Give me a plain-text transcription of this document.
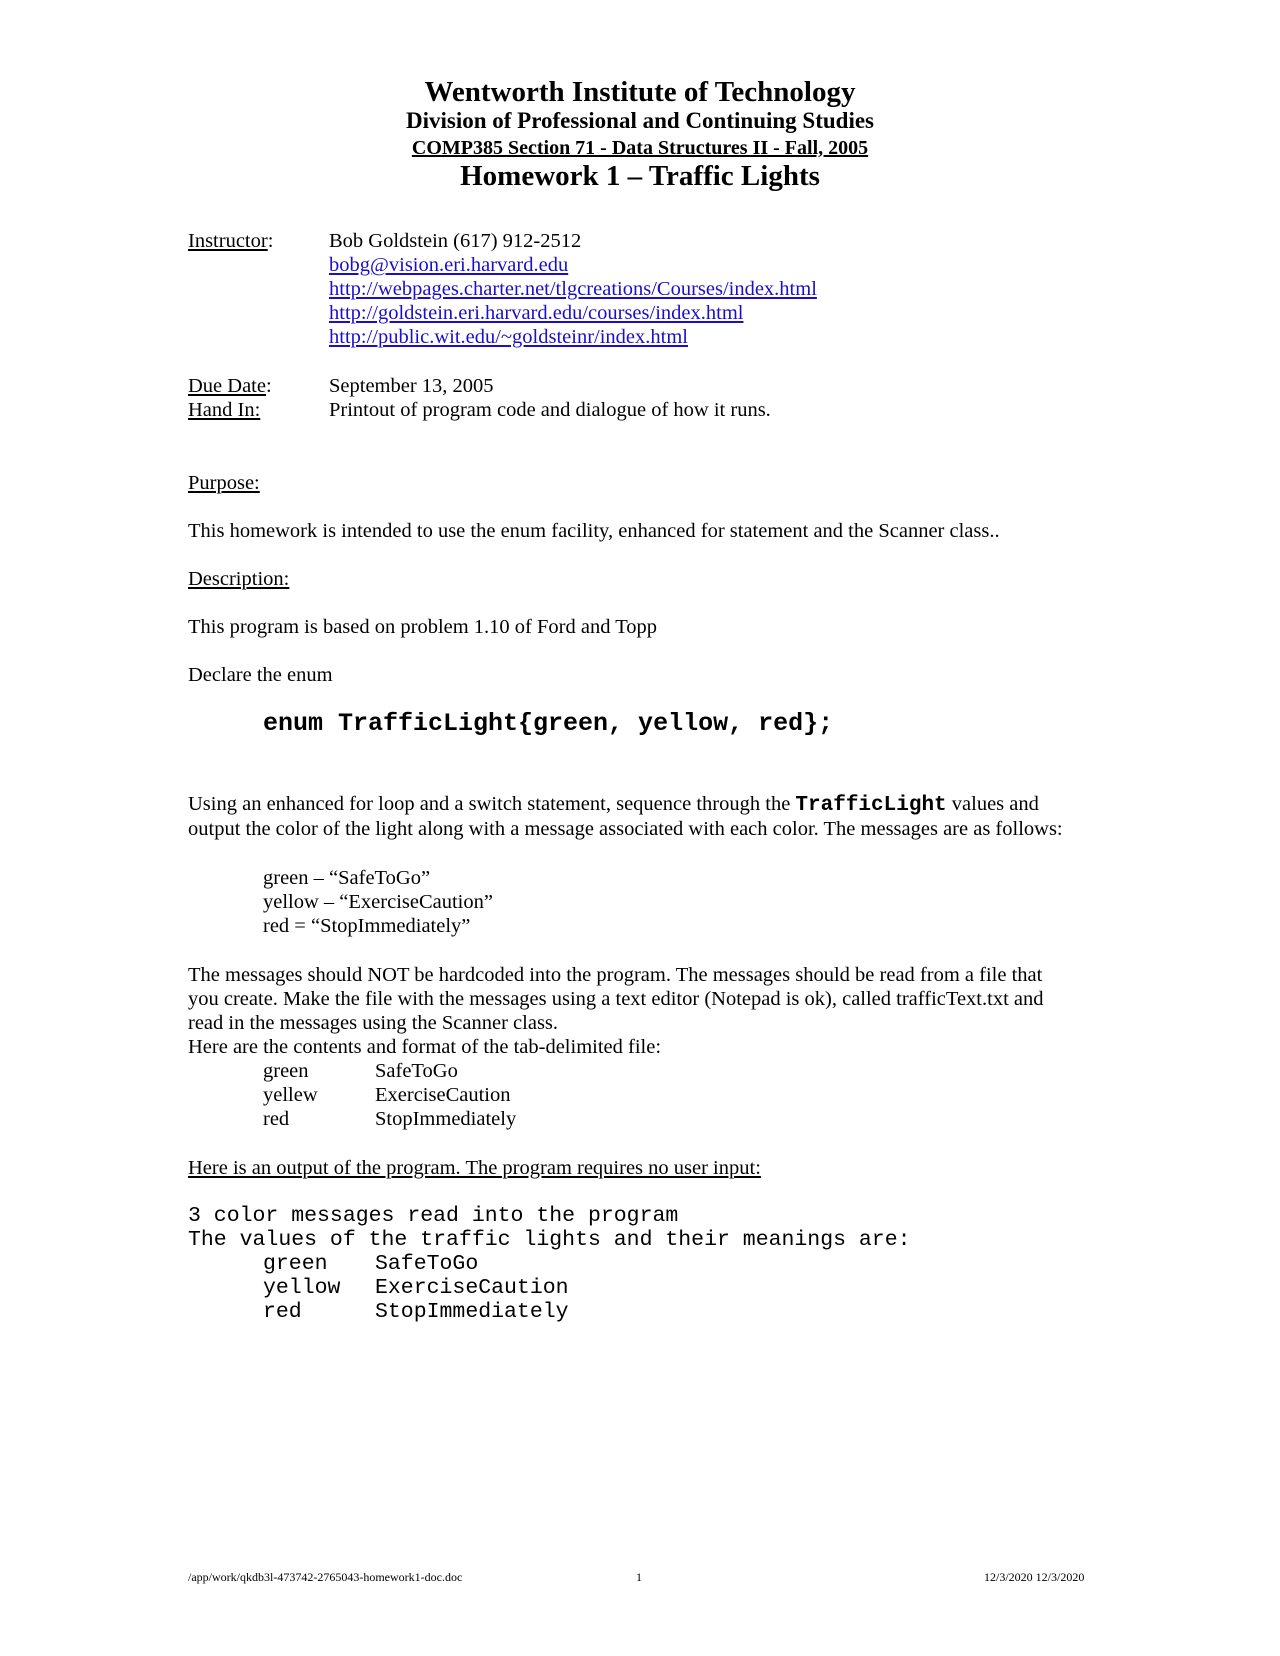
Wentworth Institute of Technology
Division of Professional and Continuing Studies
COMP385 Section 71 - Data Structures II - Fall, 2005
Homework 1 – Traffic Lights
Instructor:	Bob Goldstein (617) 912-2512
bobg@vision.eri.harvard.edu
http://webpages.charter.net/tlgcreations/Courses/index.html
http://goldstein.eri.harvard.edu/courses/index.html
http://public.wit.edu/~goldsteinr/index.html
Due Date:	September 13, 2005
Hand In:	Printout of program code and dialogue of how it runs.
Purpose:
This homework is intended to use the enum facility, enhanced for statement and the Scanner class..
Description:
This program is based on problem 1.10 of Ford and Topp
Declare the enum
enum TrafficLight{green, yellow, red};
Using an enhanced for loop and a switch statement, sequence through the TrafficLight values and
output the color of the light along with a message associated with each color. The messages are as follows:
green – “SafeToGo”
yellow – “ExerciseCaution”
red = “StopImmediately”
The messages should NOT be hardcoded into the program. The messages should be read from a file that
you create. Make the file with the messages using a text editor (Notepad is ok), called trafficText.txt and
read in the messages using the Scanner class.
Here are the contents and format of the tab-delimited file:
green	SafeToGo
yellew	ExerciseCaution
red	StopImmediately
Here is an output of the program. The program requires no user input:
3 color messages read into the program
The values of the traffic lights and their meanings are:
green SafeToGo
yellow ExerciseCaution
red	StopImmediately
/app/work/qkdb3l-473742-2765043-homework1-doc.doc	1	12/3/2020 12/3/2020
